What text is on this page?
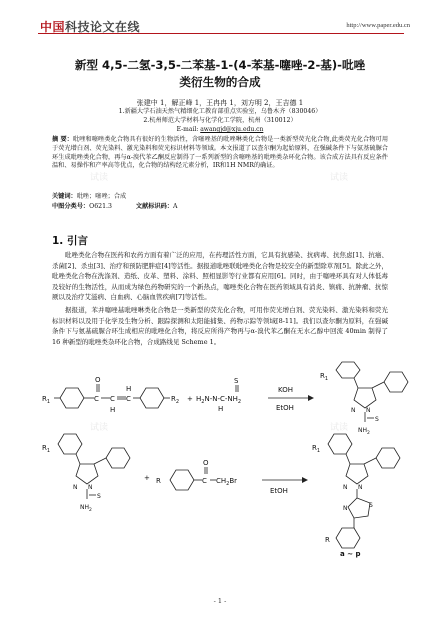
中国科技论文在线	http://www.paper.edu.cn
新型 4,5-二氢-3,5-二苯基-1-(4-苯基-噻唑-2-基)-吡唑
类衍生物的合成
张建中 1，解正峰 1，王冉冉 1，刘方明 2，王吉德 1
1.新疆大学石油天然气精细化工教育部重点实验室，乌鲁木齐（830046）
2.杭州师范大学材料与化学化工学院，杭州（310012）
E-mail: awangjd@xju.edu.cn
摘 要：吡唑和噻唑类化合物具有很好的生物活性，含噻唑基的吡唑啉类化合物是一类新型荧光化合物,此类荧光化合物可用于荧光增白剂、荧光染料、激光染料和荧光标识材料等领域。本文报道了以查尔酮为起始原料，在强碱条件下与氨基硫脲合环生成吡唑类化合物，再与α-溴代苯乙酮反应制得了一系列新型的含噻唑基的吡唑类杂环化合物。该合成方法具有反应条件温和、易操作和产率高等优点，化合物的结构经元素分析，IR和1H NMR的确证。
关键词：吡唑；噻唑；合成
中图分类号：O621.3	文献标识码：A
1. 引言
吡唑类化合物在医药和农药方面有着广泛的应用，在药理活性方面，它具有抗感染、抗病毒、抗焦虑[1]、抗癌、杀菌[2]、杀虫[3]、治疗和预防肥胖症[4]等活性。据报道吡唑联吡唑类化合物是较安全的新型除草剂[5]。除此之外，吡唑类化合物在洗涤剂、造纸、皮革、塑料、涂料、照相显影等行业都有应用[6]。同时，由于噻唑环具有对人体低毒及较好的生物活性，从而成为绿色药物研究的一个新热点，噻唑类化合物在医药领域具有消炎、镇痛、抗肿瘤、抗惊厥以及治疗艾滋病、白血病、心脑血管疾病[7]等活性。
据报道，苯并噻唑基吡唑啉类化合物是一类新型的荧光化合物，可用作荧光增白剂、荧光染料、激光染料和荧光标识材料以及用于化学及生物分析、跟踪探测和太阳能捕集、药物示踪等领域[8-11]。我们以查尔酮为原料，在强碱条件下与氨基硫脲合环生成相应的吡唑化合物，将反应所得产物再与α-溴代苯乙酮在无水乙醇中回流 40min 制得了 16 种新型的吡唑类杂环化合物，合成路线见 Scheme 1。
$R_1$	C
O
C
H
C
H
$R_2 + H_2N-N-C-NH_2$
H
S
KOH
EtOH
$R_1$
N N
S
$NH_2$
$R_1$
N N
S
$NH_2$
+ R	C
O
$CH_2Br$
EtOH
$R_1$
N N
S
N
R
a ~ p
试读	试读
试读	试读
- 1 -
